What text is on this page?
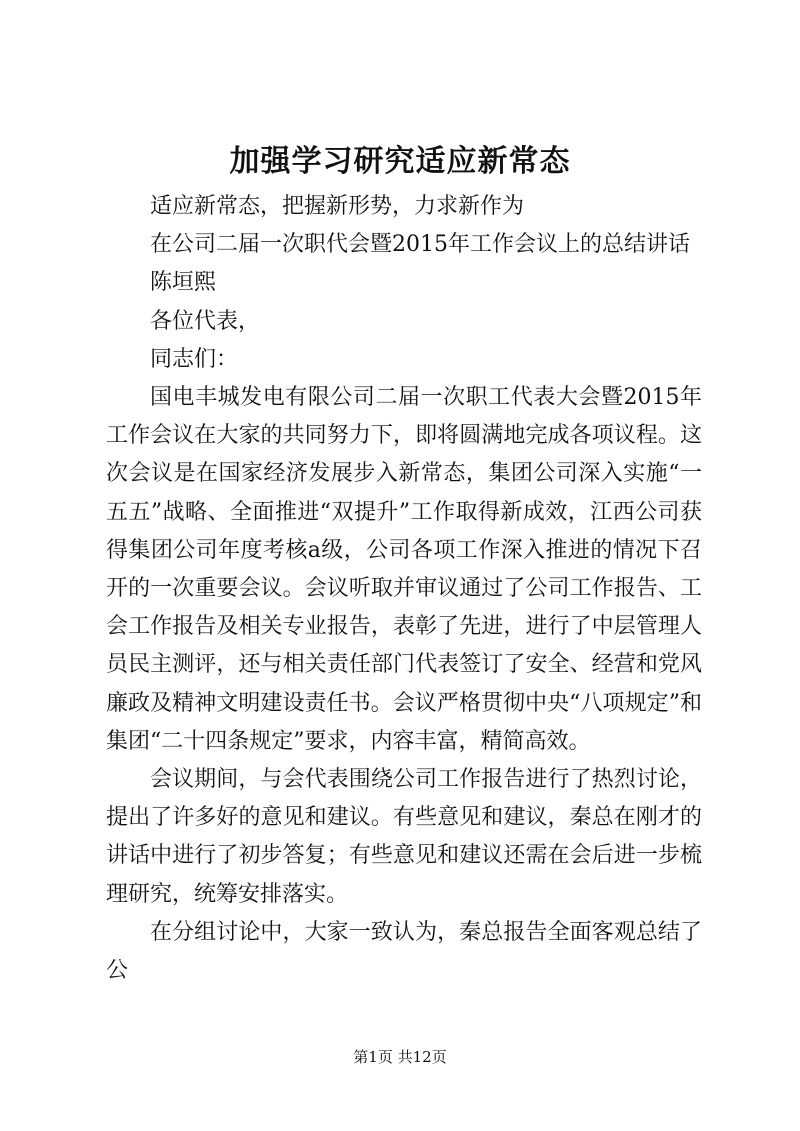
加强学习研究适应新常态
适应新常态，把握新形势，力求新作为
在公司二届一次职代会暨2015年工作会议上的总结讲话
陈垣熙
各位代表，
同志们：

国电丰城发电有限公司二届一次职工代表大会暨2015年工作会议在大家的共同努力下，即将圆满地完成各项议程。这次会议是在国家经济发展步入新常态，集团公司深入实施“一五五”战略、全面推进“双提升”工作取得新成效，江西公司获得集团公司年度考核a级，公司各项工作深入推进的情况下召开的一次重要会议。会议听取并审议通过了公司工作报告、工会工作报告及相关专业报告，表彰了先进，进行了中层管理人员民主测评，还与相关责任部门代表签订了安全、经营和党风廉政及精神文明建设责任书。会议严格贯彻中央“八项规定”和集团“二十四条规定”要求，内容丰富，精简高效。

会议期间，与会代表围绕公司工作报告进行了热烈讨论，提出了许多好的意见和建议。有些意见和建议，秦总在刚才的讲话中进行了初步答复；有些意见和建议还需在会后进一步梳理研究，统筹安排落实。

在分组讨论中，大家一致认为，秦总报告全面客观总结了公

第1页 共12页
